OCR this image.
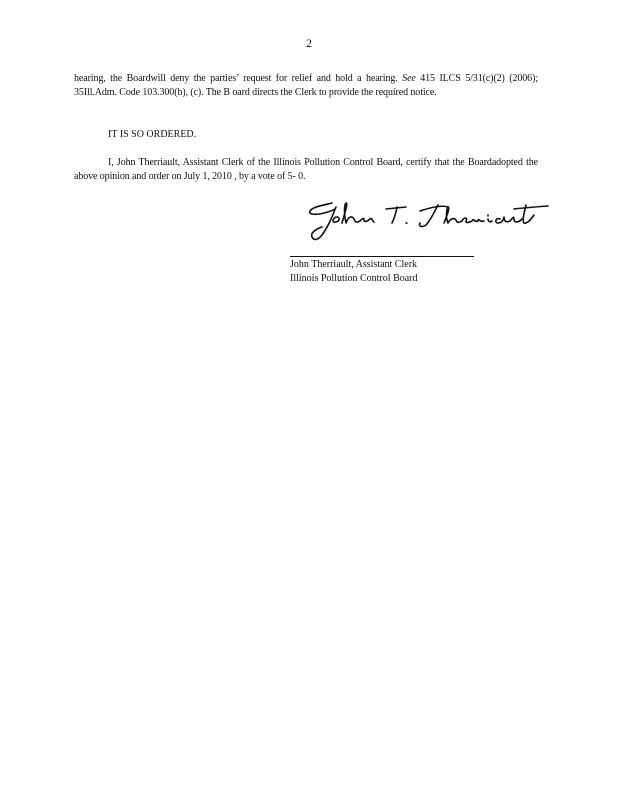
2
hearing, the Boardwill deny the parties’ request for relief and hold a hearing. See 415 ILCS 5/31(c)(2) (2006); 35Ill.Adm. Code 103.300(b), (c). The B oard directs the Clerk to provide the required notice.
IT IS SO ORDERED.
I, John Therriault, Assistant Clerk of the Illinois Pollution Control Board, certify that the Boardadopted the above opinion and order on July 1, 2010 , by a vote of 5- 0.
John Therriault, Assistant Clerk
Illinois Pollution Control Board
